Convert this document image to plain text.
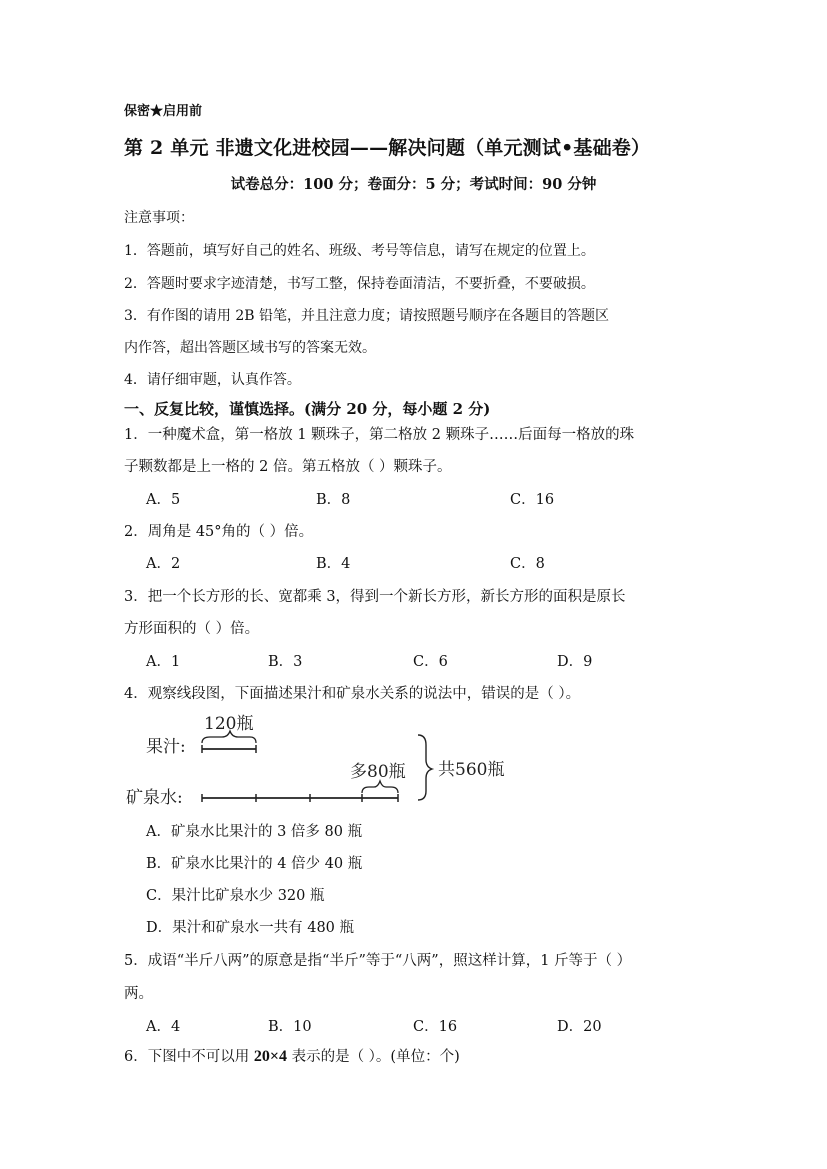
保密★启用前
第 2 单元 非遗文化进校园——解决问题（单元测试•基础卷）
试卷总分：100 分；卷面分：5 分；考试时间：90 分钟
注意事项：
1．答题前，填写好自己的姓名、班级、考号等信息，请写在规定的位置上。
2．答题时要求字迹清楚，书写工整，保持卷面清洁，不要折叠，不要破损。
3．有作图的请用 2B 铅笔，并且注意力度；请按照题号顺序在各题目的答题区
内作答，超出答题区域书写的答案无效。
4．请仔细审题，认真作答。
一、反复比较，谨慎选择。(满分 20 分，每小题 2 分)
1．一种魔术盒，第一格放 1 颗珠子，第二格放 2 颗珠子……后面每一格放的珠
子颗数都是上一格的 2 倍。第五格放（ ）颗珠子。
A．5	B．8	C．16
2．周角是 45°角的（ ）倍。
A．2	B．4	C．8
3．把一个长方形的长、宽都乘 3，得到一个新长方形，新长方形的面积是原长
方形面积的（ ）倍。
A．1	B．3	C．6	D．9
4．观察线段图，下面描述果汁和矿泉水关系的说法中，错误的是（ ）。
果汁:
120瓶
矿泉水:
多80瓶 共560瓶
A．矿泉水比果汁的 3 倍多 80 瓶
B．矿泉水比果汁的 4 倍少 40 瓶
C．果汁比矿泉水少 320 瓶
D．果汁和矿泉水一共有 480 瓶
5．成语“半斤八两”的原意是指“半斤”等于“八两”，照这样计算，1 斤等于（ ）
两。
A．4	B．10	C．16	D．20
6．下图中不可以用 20×4 表示的是（ ）。(单位：个)
